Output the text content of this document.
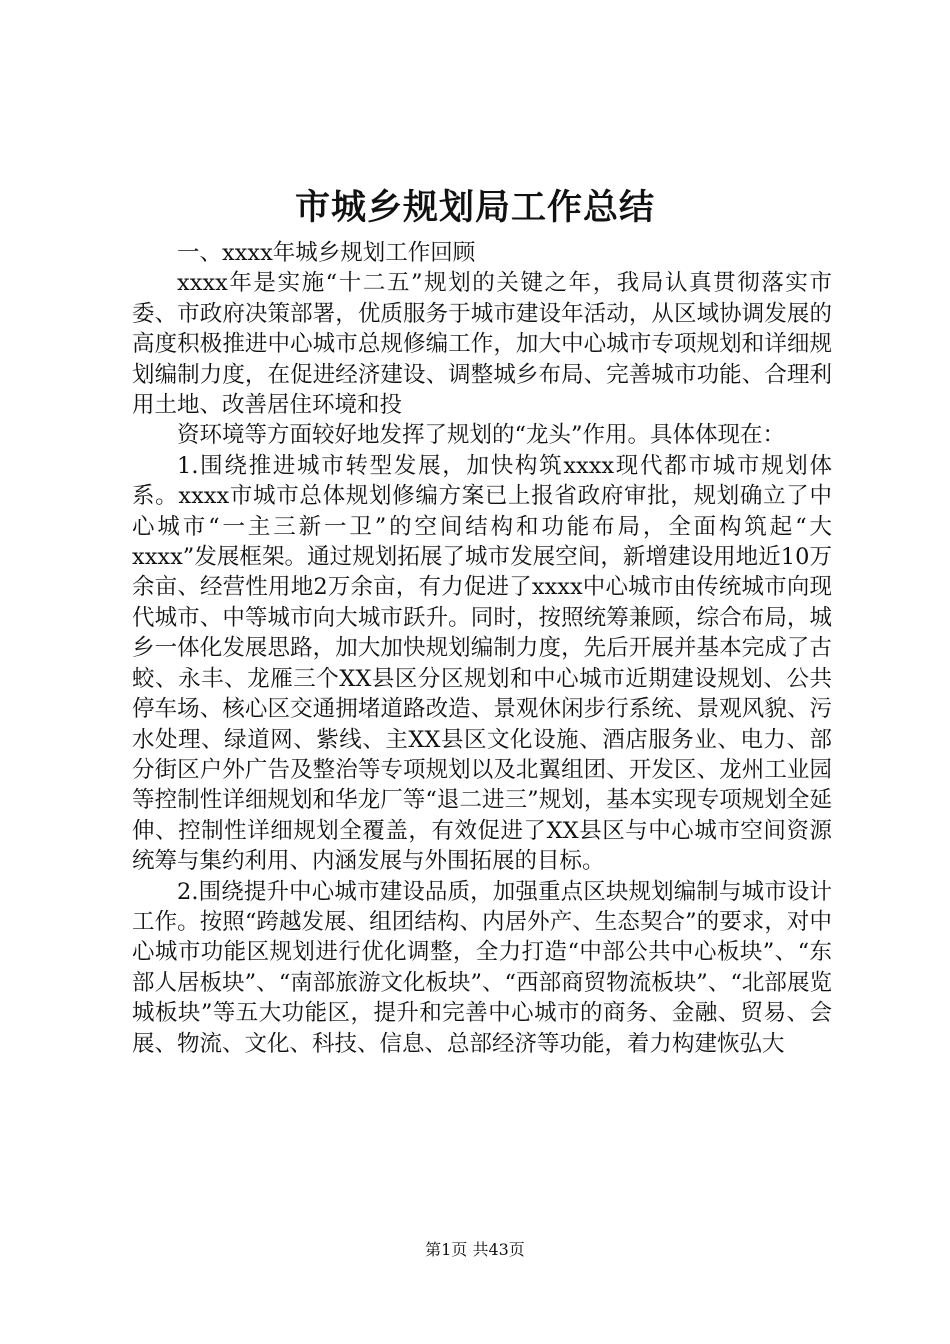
市城乡规划局工作总结

一、xxxx年城乡规划工作回顾

xxxx年是实施“十二五”规划的关键之年，我局认真贯彻落实市委、市政府决策部署，优质服务于城市建设年活动，从区域协调发展的高度积极推进中心城市总规修编工作，加大中心城市专项规划和详细规划编制力度，在促进经济建设、调整城乡布局、完善城市功能、合理利用土地、改善居住环境和投

资环境等方面较好地发挥了规划的“龙头”作用。具体体现在：

1.围绕推进城市转型发展，加快构筑xxxx现代都市城市规划体系。xxxx市城市总体规划修编方案已上报省政府审批，规划确立了中心城市“一主三新一卫”的空间结构和功能布局，全面构筑起“大xxxx”发展框架。通过规划拓展了城市发展空间，新增建设用地近10万余亩、经营性用地2万余亩，有力促进了xxxx中心城市由传统城市向现代城市、中等城市向大城市跃升。同时，按照统筹兼顾，综合布局，城乡一体化发展思路，加大加快规划编制力度，先后开展并基本完成了古蛟、永丰、龙雁三个XX县区分区规划和中心城市近期建设规划、公共停车场、核心区交通拥堵道路改造、景观休闲步行系统、景观风貌、污水处理、绿道网、紫线、主XX县区文化设施、酒店服务业、电力、部分街区户外广告及整治等专项规划以及北翼组团、开发区、龙州工业园等控制性详细规划和华龙厂等“退二进三”规划，基本实现专项规划全延伸、控制性详细规划全覆盖，有效促进了XX县区与中心城市空间资源统筹与集约利用、内涵发展与外围拓展的目标。

2.围绕提升中心城市建设品质，加强重点区块规划编制与城市设计工作。按照“跨越发展、组团结构、内居外产、生态契合”的要求，对中心城市功能区规划进行优化调整，全力打造“中部公共中心板块”、“东部人居板块”、“南部旅游文化板块”、“西部商贸物流板块”、“北部展览城板块”等五大功能区，提升和完善中心城市的商务、金融、贸易、会展、物流、文化、科技、信息、总部经济等功能，着力构建恢弘大

第1页 共43页
